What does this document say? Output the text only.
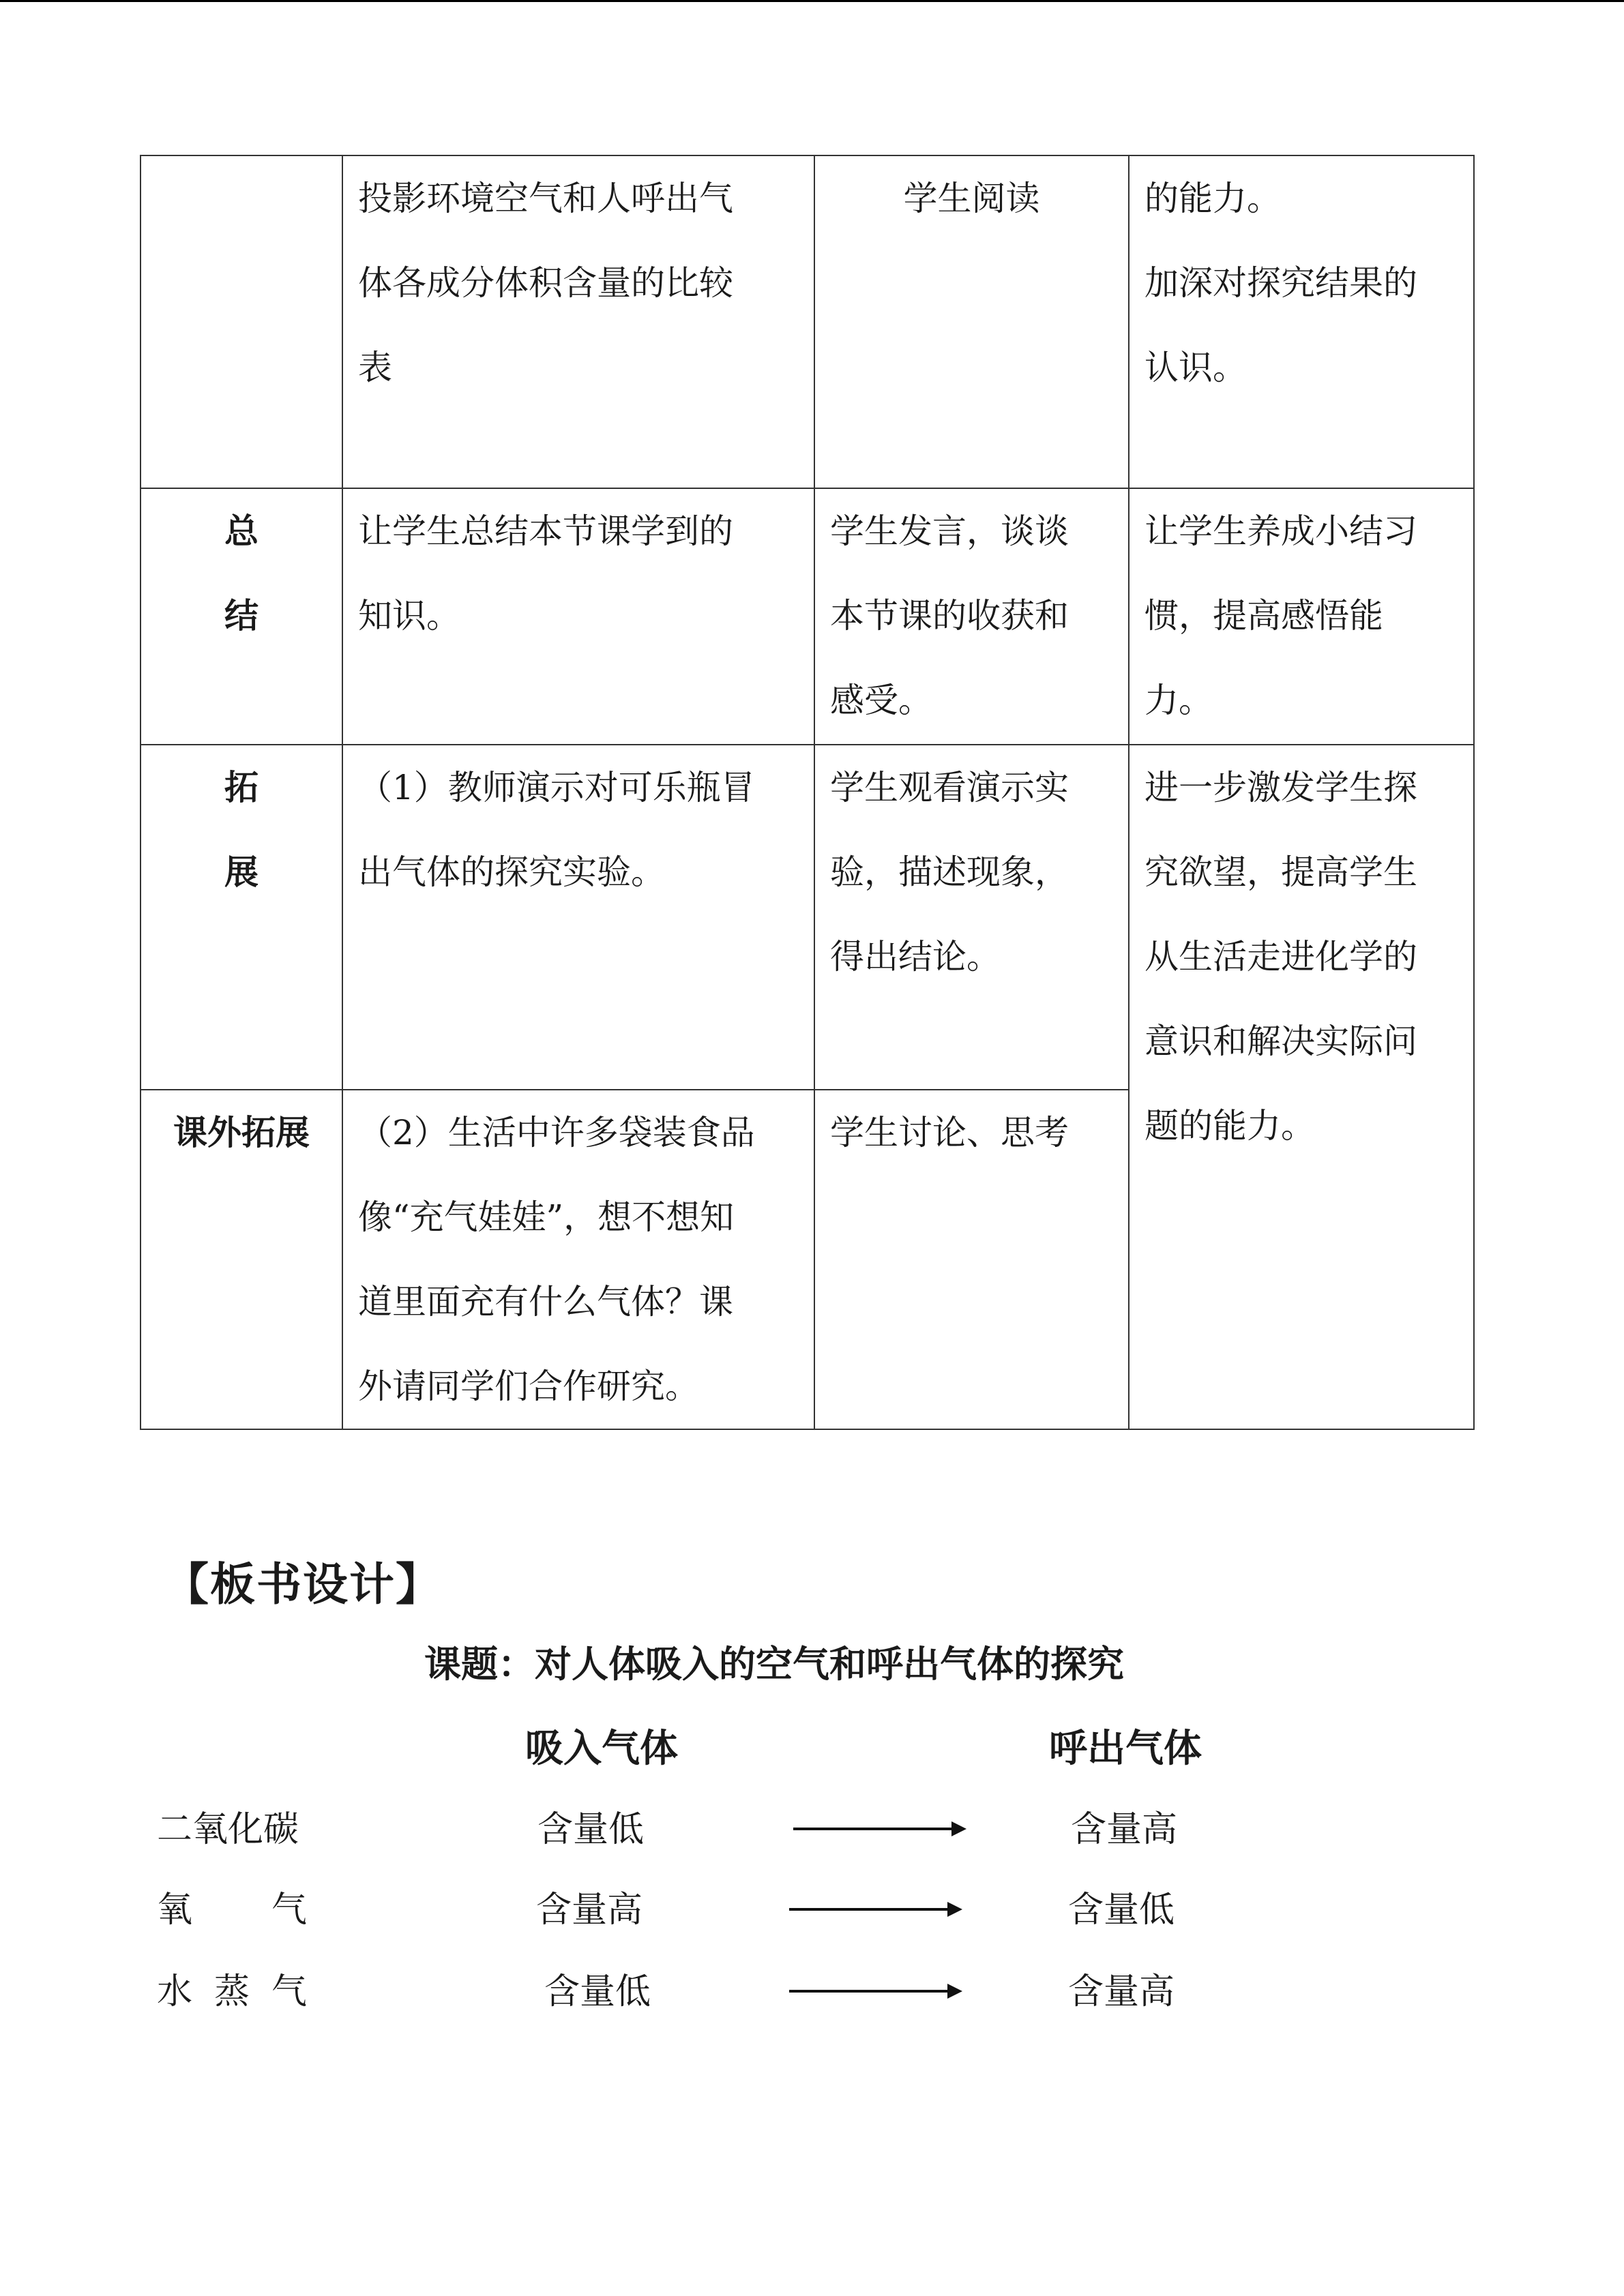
	投影环境空气和人呼出气
体各成分体积含量的比较
表	学生阅读	的能力。
加深对探究结果的
认识。

总
结	让学生总结本节课学到的
知识。	学生发言，谈谈
本节课的收获和
感受。	让学生养成小结习
惯，提高感悟能
力。

拓
展	（1）教师演示对可乐瓶冒
出气体的探究实验。	学生观看演示实
验，描述现象，
得出结论。	进一步激发学生探
究欲望，提高学生
从生活走进化学的
意识和解决实际问
题的能力。

课外拓展	（2）生活中许多袋装食品
像“充气娃娃”，想不想知
道里面充有什么气体？课
外请同学们合作研究。	学生讨论、思考	
【板书设计】
课题：对人体吸入的空气和呼出气体的探究
吸入气体	呼出气体
二氧化碳	含量低	含量高
氧 气	含量高	含量低
水 蒸 气	含量低	含量高
